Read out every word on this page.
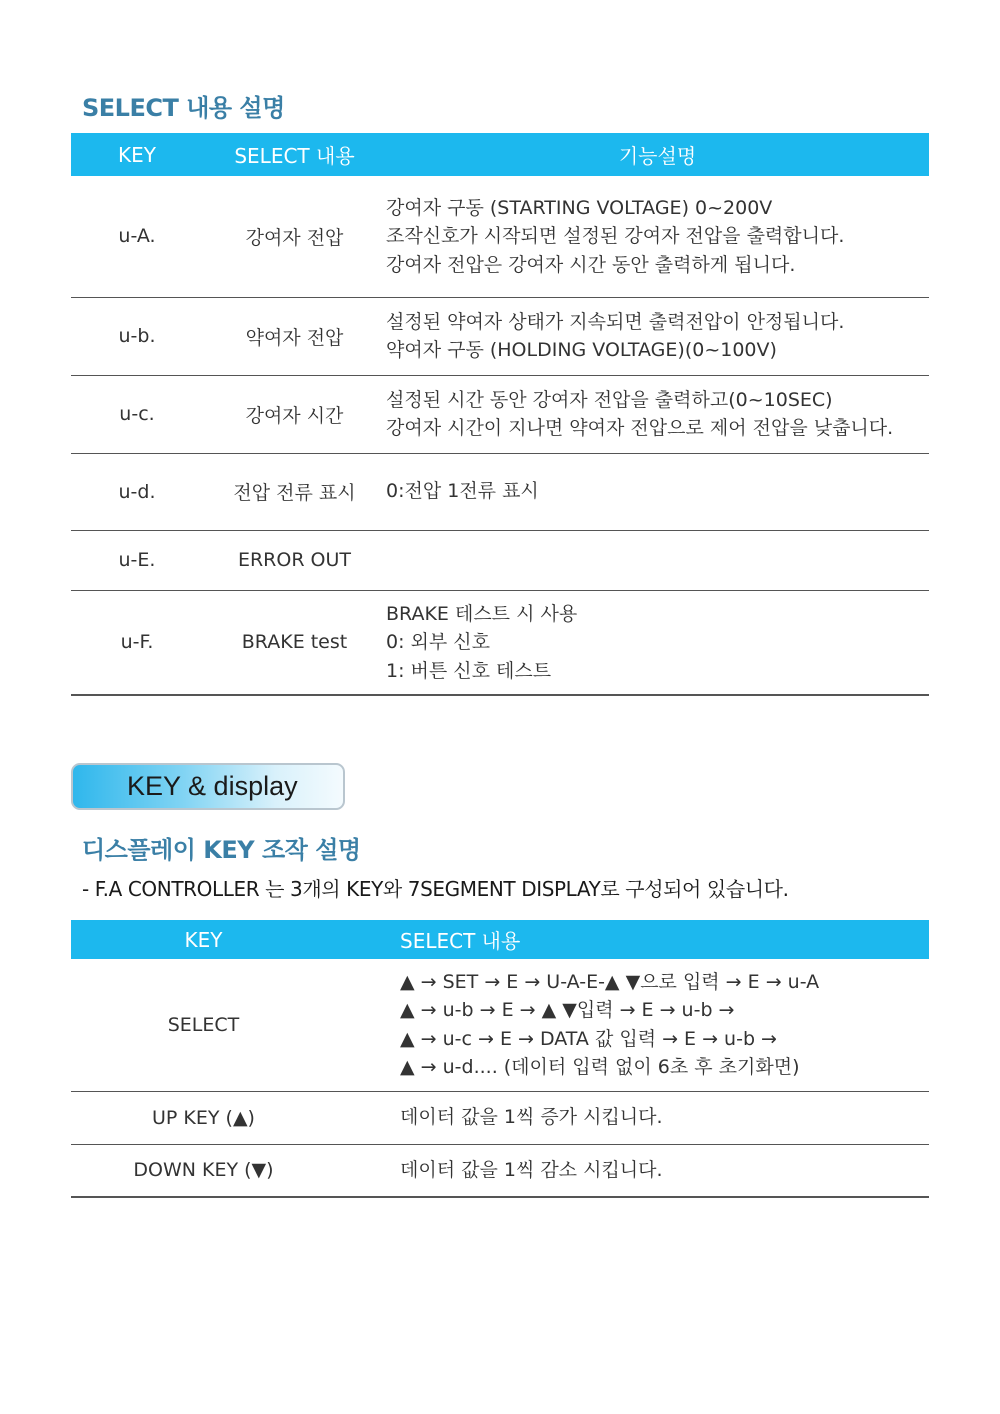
SELECT 내용 설명
KEY	SELECT 내용	기능설명
u-A.	강여자 전압	강여자 구동 (STARTING VOLTAGE) 0~200V
조작신호가 시작되면 설정된 강여자 전압을 출력합니다.
강여자 전압은 강여자 시간 동안 출력하게 됩니다.

u-b.	약여자 전압	설정된 약여자 상태가 지속되면 출력전압이 안정됩니다.
약여자 구동 (HOLDING VOLTAGE)(0~100V)

u-c.	강여자 시간	설정된 시간 동안 강여자 전압을 출력하고(0~10SEC)
강여자 시간이 지나면 약여자 전압으로 제어 전압을 낮춥니다.

u-d.	전압 전류 표시	0:전압 1전류 표시

u-E.	ERROR OUT	
u-F.	BRAKE test	BRAKE 테스트 시 사용
0: 외부 신호
1: 버튼 신호 테스트
KEY & display
디스플레이 KEY 조작 설명
- F.A CONTROLLER 는 3개의 KEY와 7SEGMENT DISPLAY로 구성되어 있습니다.
KEY	SELECT 내용
SELECT	▲ → SET → E → U-A-E-▲ ▼으로 입력 → E → u-A
▲ → u-b → E → ▲ ▼입력 → E → u-b →
▲ → u-c → E → DATA 값 입력 → E → u-b →
▲ → u-d.... (데이터 입력 없이 6초 후 초기화면)

UP KEY (▲)	데이터 값을 1씩 증가 시킵니다.

DOWN KEY (▼)	데이터 값을 1씩 감소 시킵니다.
